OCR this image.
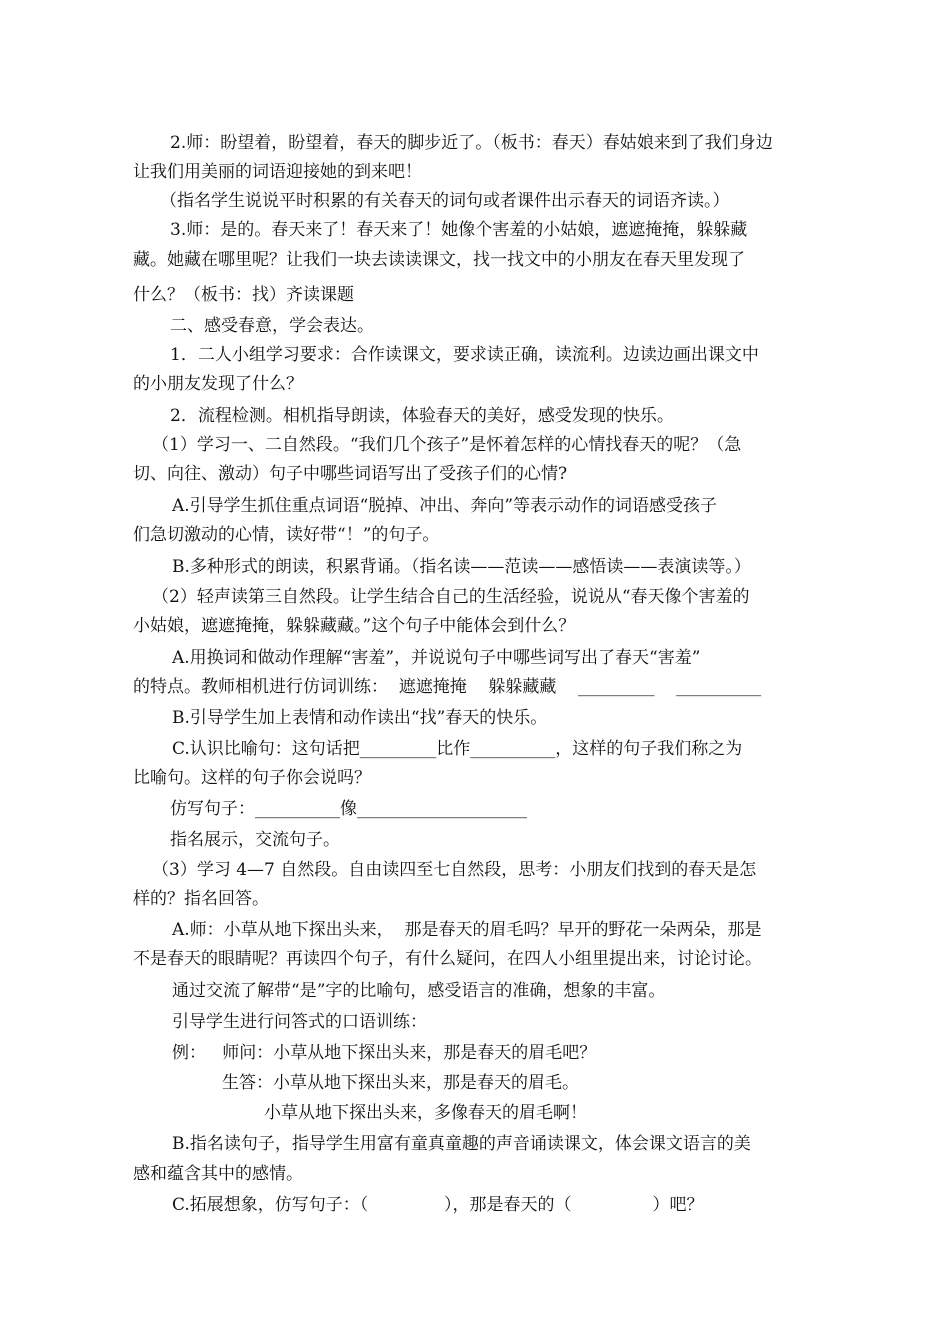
2.师：盼望着，盼望着，春天的脚步近了。（板书：春天）春姑娘来到了我们身边
让我们用美丽的词语迎接她的到来吧！
（指名学生说说平时积累的有关春天的词句或者课件出示春天的词语齐读。）
3.师：是的。春天来了！春天来了！她像个害羞的小姑娘，遮遮掩掩，躲躲藏
藏。她藏在哪里呢？让我们一块去读读课文，找一找文中的小朋友在春天里发现了
什么？（板书：找）齐读课题
二、感受春意，学会表达。
1．二人小组学习要求：合作读课文，要求读正确，读流利。边读边画出课文中
的小朋友发现了什么？
2．流程检测。相机指导朗读，体验春天的美好，感受发现的快乐。
（1）学习一、二自然段。“我们几个孩子”是怀着怎样的心情找春天的呢？（急
切、向往、激动）句子中哪些词语写出了受孩子们的心情?
A.引导学生抓住重点词语“脱掉、冲出、奔向”等表示动作的词语感受孩子
们急切激动的心情，读好带“！”的句子。
B.多种形式的朗读，积累背诵。（指名读——范读——感悟读——表演读等。）
（2）轻声读第三自然段。让学生结合自己的生活经验，说说从“春天像个害羞的
小姑娘，遮遮掩掩，躲躲藏藏。”这个句子中能体会到什么？
A.用换词和做动作理解“害羞”，并说说句子中哪些词写出了春天“害羞”
的特点。教师相机进行仿词训练：  遮遮掩掩    躲躲藏藏    _________    __________
B.引导学生加上表情和动作读出“找”春天的快乐。
C.认识比喻句：这句话把_________比作__________，这样的句子我们称之为
比喻句。这样的句子你会说吗？
仿写句子：__________像____________________
指名展示，交流句子。
（3）学习 4—7 自然段。自由读四至七自然段，思考：小朋友们找到的春天是怎
样的？指名回答。
A.师：小草从地下探出头来，  那是春天的眉毛吗？早开的野花一朵两朵，那是
不是春天的眼睛呢？再读四个句子，有什么疑问，在四人小组里提出来，讨论讨论。
通过交流了解带“是”字的比喻句，感受语言的准确，想象的丰富。
引导学生进行问答式的口语训练：
例：   师问：小草从地下探出头来，那是春天的眉毛吧？
生答：小草从地下探出头来，那是春天的眉毛。
小草从地下探出头来，多像春天的眉毛啊！
B.指名读句子，指导学生用富有童真童趣的声音诵读课文，体会课文语言的美
感和蕴含其中的感情。
C.拓展想象，仿写句子：（              ），那是春天的（               ）吧？
